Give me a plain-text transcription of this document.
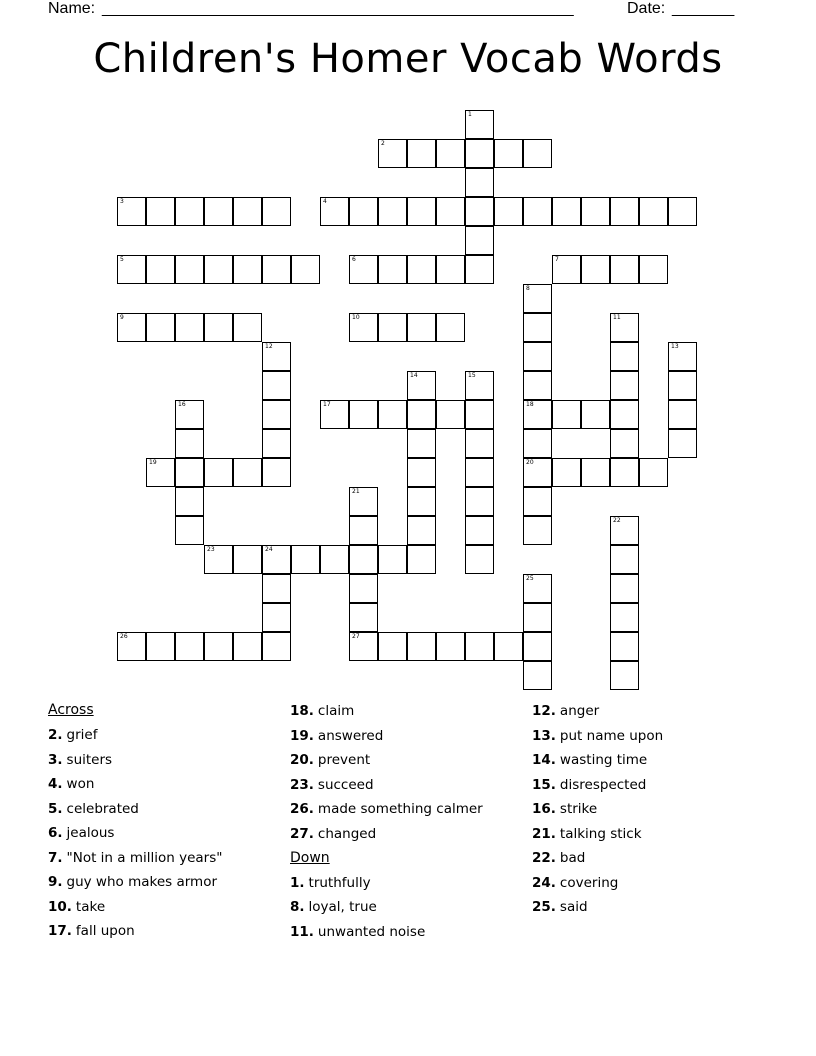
Name: _____________________________________________________	Date: _______
Children's Homer Vocab Words
1
2
3	4
5	6	7
8
18
20
9	10	11
12	13
14	15
16	17
19
21
27
22
23	24
25
26
Across
2. grief
3. suiters
4. won
5. celebrated
6. jealous
7. "Not in a million years"
9. guy who makes armor
10. take
17. fall upon
18. claim
19. answered
20. prevent
23. succeed
26. made something calmer
27. changed
Down
1. truthfully
8. loyal, true
11. unwanted noise
12. anger
13. put name upon
14. wasting time
15. disrespected
16. strike
21. talking stick
22. bad
24. covering
25. said
